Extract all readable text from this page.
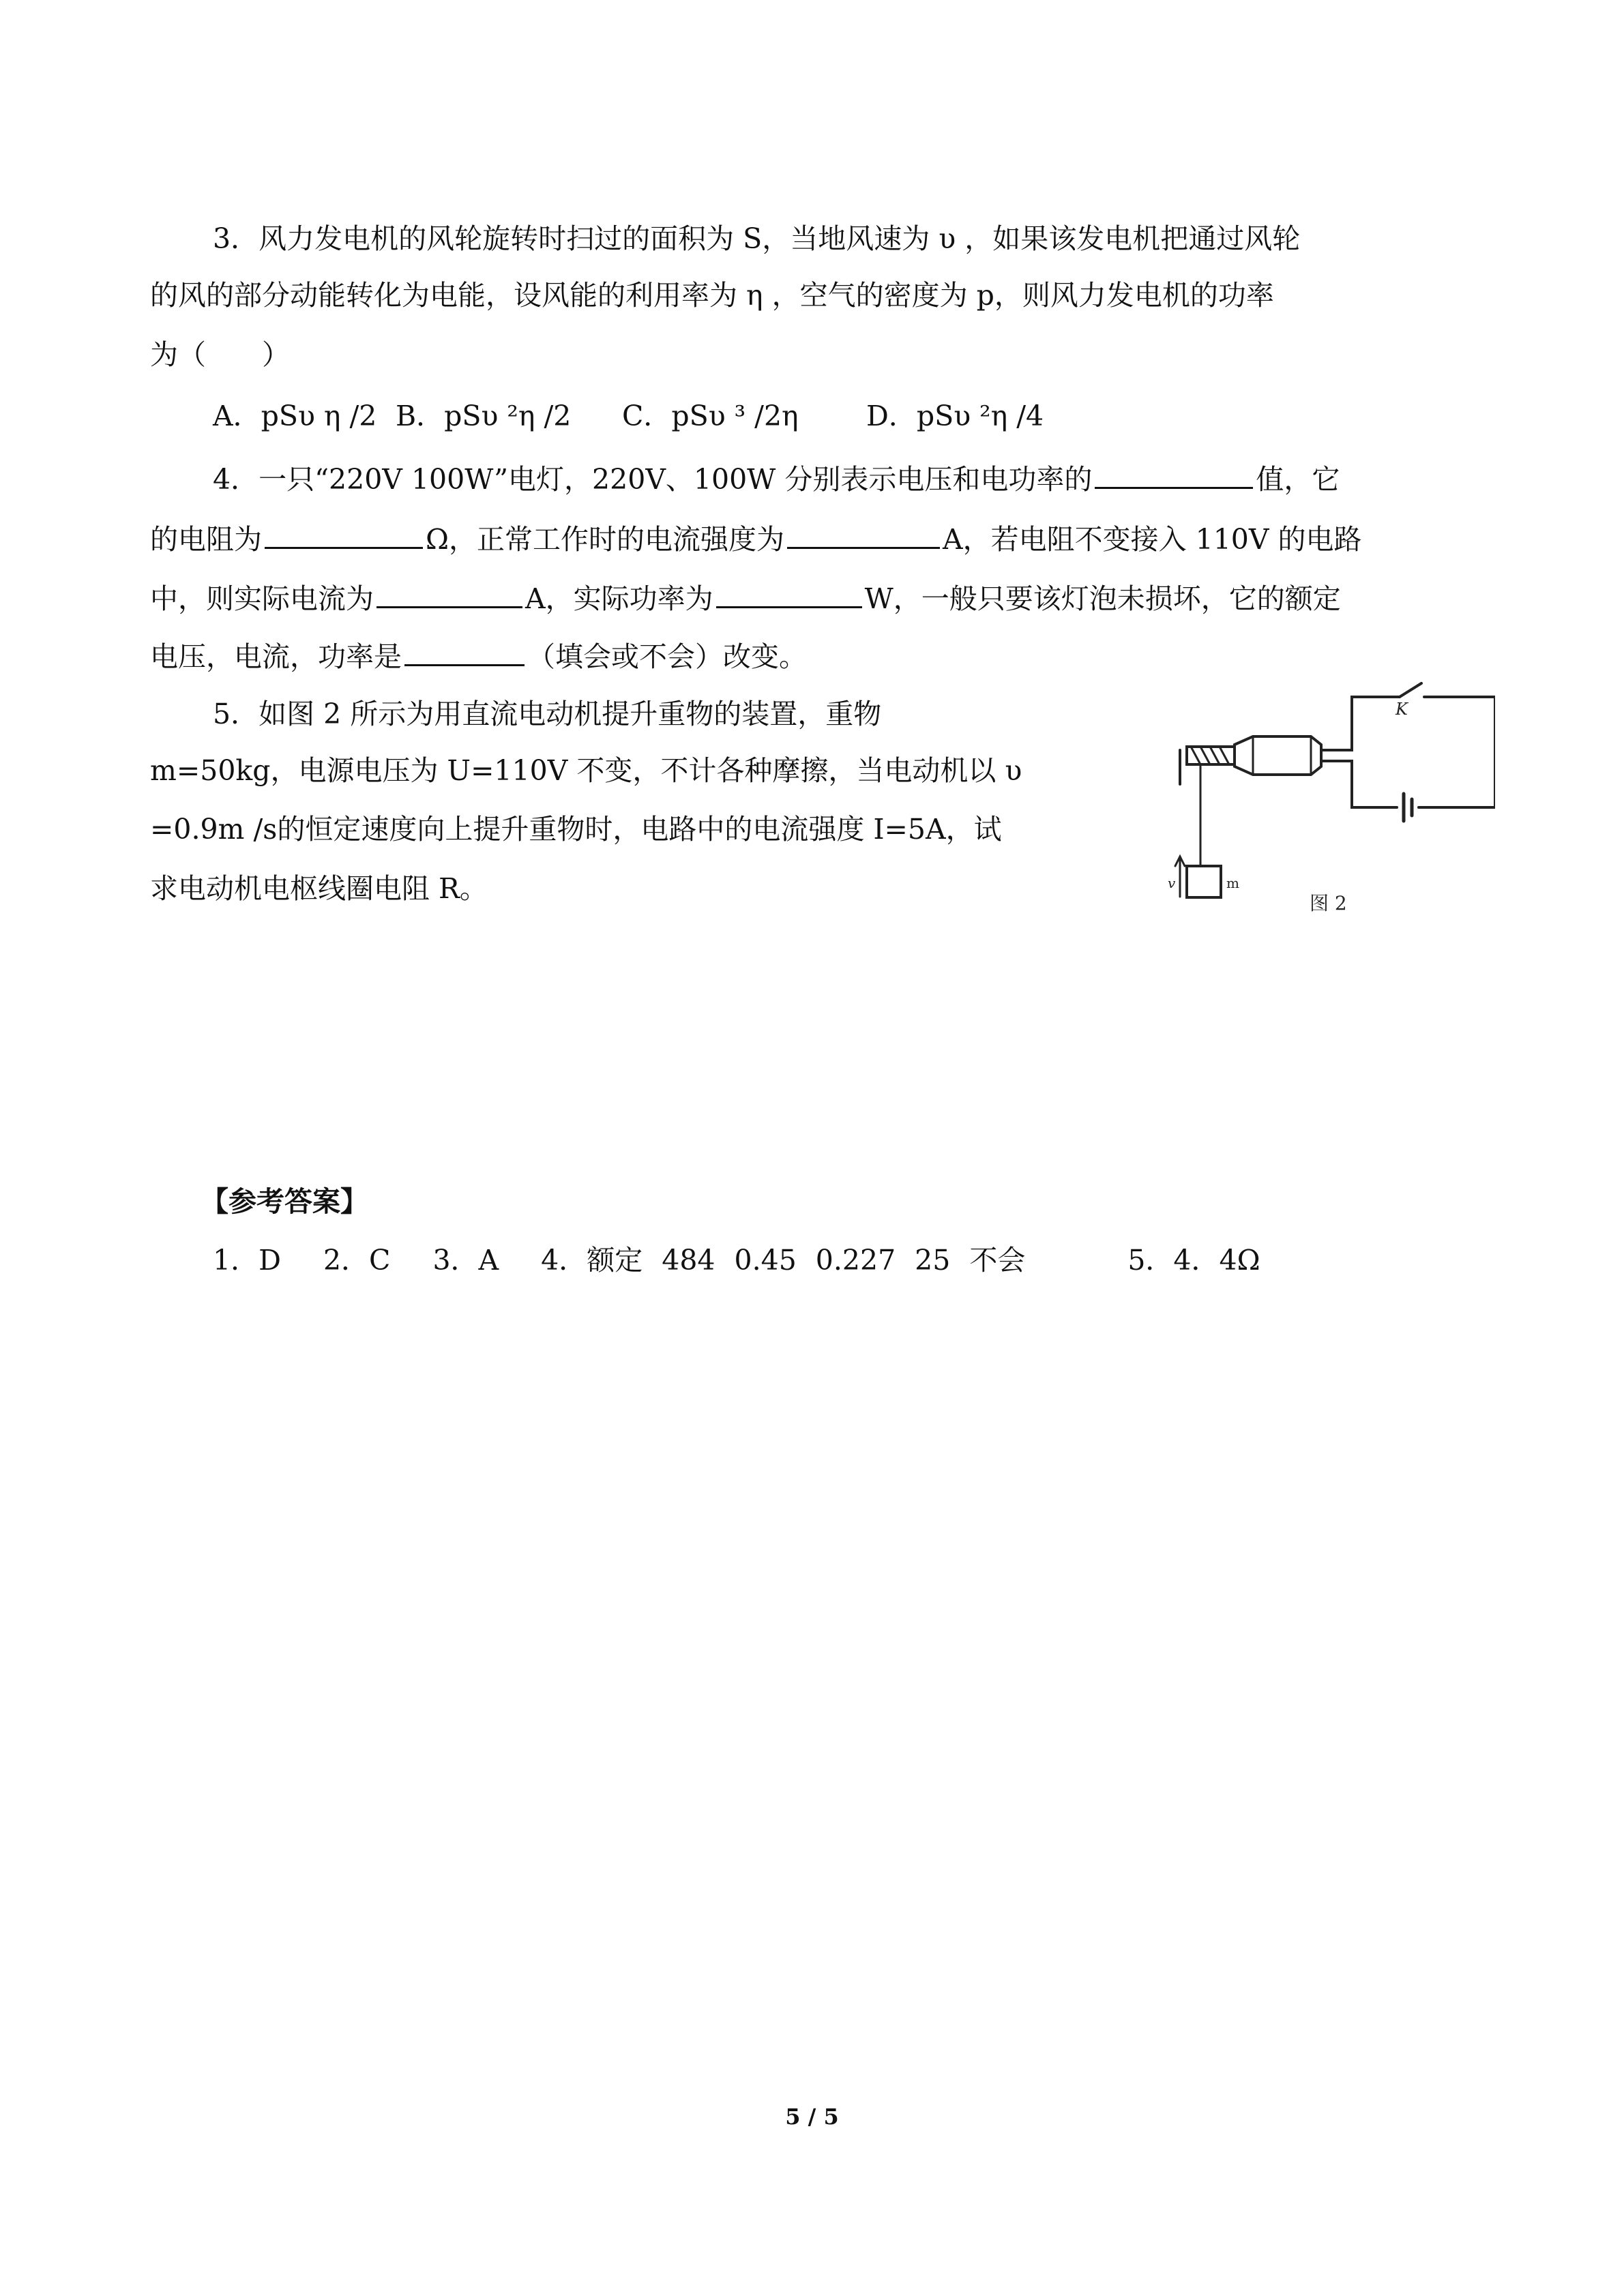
3．风力发电机的风轮旋转时扫过的面积为 S，当地风速为 υ ，如果该发电机把通过风轮
的风的部分动能转化为电能，设风能的利用率为 η ，空气的密度为 p，则风力发电机的功率
为（　　）
A．pSυ η /2 B．pSυ ²η /2 C．pSυ ³ /2η D．pSυ ²η /4
4．一只“220V 100W”电灯，220V、100W 分别表示电压和电功率的	值，它
的电阻为	Ω，正常工作时的电流强度为	A，若电阻不变接入 110V 的电路
中，则实际电流为	A，实际功率为	W，一般只要该灯泡未损坏，它的额定
电压，电流，功率是	（填会或不会）改变。
5．如图 2 所示为用直流电动机提升重物的装置，重物
m=50kg，电源电压为 U=110V 不变，不计各种摩擦，当电动机以 υ
=0.9m /s的恒定速度向上提升重物时，电路中的电流强度 I=5A，试
求电动机电枢线圈电阻 R。
K
v	m
图 2
【参考答案】
1．D 2．C 3．A 4．额定 484 0.45 0.227 25 不会	5．4．4Ω
5 / 5
